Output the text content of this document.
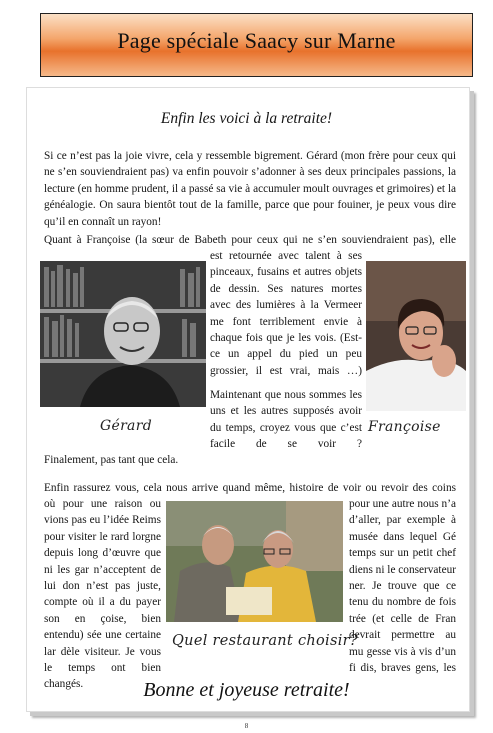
Page spéciale Saacy sur Marne
Enfin les voici à la retraite!
Si ce n’est pas la joie vivre, cela y ressemble bigrement. Gérard (mon frère pour ceux qui ne s’en souviendraient pas) va enfin pouvoir s’adonner à ses deux principales passions, la lecture (en homme prudent, il a passé sa vie à accumuler moult ouvrages et grimoires) et la généalogie. On saura bientôt tout de la famille, parce que pour fouiner, je peux vous dire qu’il en connaît un rayon!
Quant à Françoise (la sœur de Babeth pour ceux qui ne s’en souviendraient pas), elle
est retournée avec talent à ses pinceaux, fusains et autres objets de dessin. Ses natures mortes avec des lumières à la Vermeer me font terriblement envie à chaque fois que je les vois. (Est-ce un appel du pied un peu grossier, il est vrai, mais …)
Gérard
Maintenant que nous sommes les uns et les autres supposés avoir du temps, croyez vous que c’est facile de se voir ?
Françoise
Finalement, pas tant que cela.
Enfin rassurez vous, cela nous arrive quand même, histoire de voir ou revoir des coins
où pour une raison ou vions pas eu l’idée Reims pour visiter le rard lorgne depuis long d’œuvre que ni les gar n’acceptent de lui don n’est pas juste, compte où il a du payer son en çoise, bien entendu) sée une certaine lar dèle visiteur. Je vous le temps ont bien changés.
pour une autre nous n’a d’aller, par exemple à musée dans lequel Gé temps sur un petit chef diens ni le conservateur ner. Je trouve que ce tenu du nombre de fois trée (et celle de Fran devrait permettre au mu gesse vis à vis d’un fi dis, braves gens, les
Quel restaurant choisir?
Bonne et joyeuse retraite!
8
